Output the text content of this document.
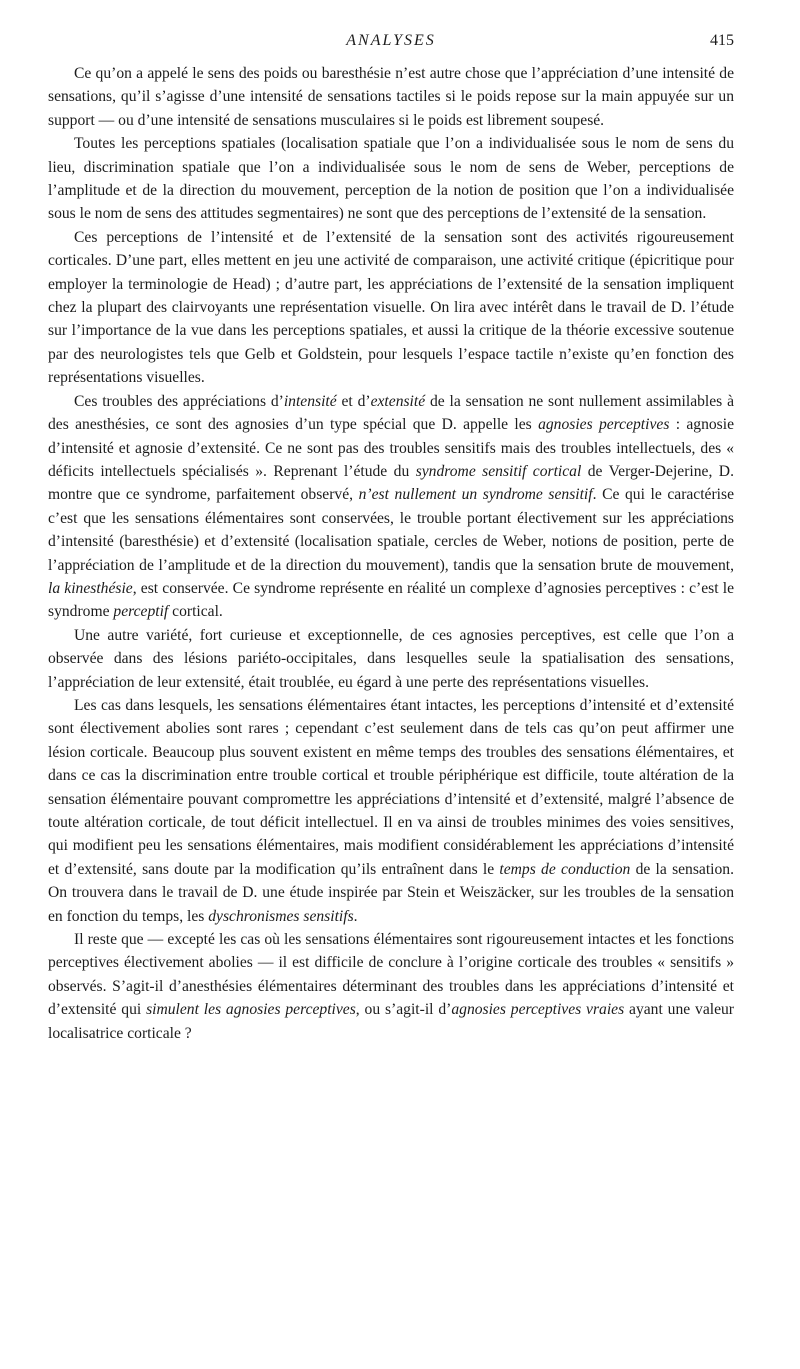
ANALYSES	415

Ce qu’on a appelé le sens des poids ou baresthésie n’est autre chose que l’appréciation d’une intensité de sensations, qu’il s’agisse d’une intensité de sensations tactiles si le poids repose sur la main appuyée sur un support — ou d’une intensité de sensations musculaires si le poids est librement soupesé.

Toutes les perceptions spatiales (localisation spatiale que l’on a individualisée sous le nom de sens du lieu, discrimination spatiale que l’on a individualisée sous le nom de sens de Weber, perceptions de l’amplitude et de la direction du mouvement, perception de la notion de position que l’on a individualisée sous le nom de sens des attitudes segmentaires) ne sont que des perceptions de l’extensité de la sensation.

Ces perceptions de l’intensité et de l’extensité de la sensation sont des activités rigoureusement corticales. D’une part, elles mettent en jeu une activité de comparaison, une activité critique (épicritique pour employer la terminologie de Head) ; d’autre part, les appréciations de l’extensité de la sensation impliquent chez la plupart des clairvoyants une représentation visuelle. On lira avec intérêt dans le travail de D. l’étude sur l’importance de la vue dans les perceptions spatiales, et aussi la critique de la théorie excessive soutenue par des neurologistes tels que Gelb et Goldstein, pour lesquels l’espace tactile n’existe qu’en fonction des représentations visuelles.

Ces troubles des appréciations d’intensité et d’extensité de la sensation ne sont nullement assimilables à des anesthésies, ce sont des agnosies d’un type spécial que D. appelle les agnosies perceptives : agnosie d’intensité et agnosie d’extensité. Ce ne sont pas des troubles sensitifs mais des troubles intellectuels, des « déficits intellectuels spécialisés ». Reprenant l’étude du syndrome sensitif cortical de Verger-Dejerine, D. montre que ce syndrome, parfaitement observé, n’est nullement un syndrome sensitif. Ce qui le caractérise c’est que les sensations élémentaires sont conservées, le trouble portant électivement sur les appréciations d’intensité (baresthésie) et d’extensité (localisation spatiale, cercles de Weber, notions de position, perte de l’appréciation de l’amplitude et de la direction du mouvement), tandis que la sensation brute de mouvement, la kinesthésie, est conservée. Ce syndrome représente en réalité un complexe d’agnosies perceptives : c’est le syndrome perceptif cortical.

Une autre variété, fort curieuse et exceptionnelle, de ces agnosies perceptives, est celle que l’on a observée dans des lésions pariéto-occipitales, dans lesquelles seule la spatialisation des sensations, l’appréciation de leur extensité, était troublée, eu égard à une perte des représentations visuelles.

Les cas dans lesquels, les sensations élémentaires étant intactes, les perceptions d’intensité et d’extensité sont électivement abolies sont rares ; cependant c’est seulement dans de tels cas qu’on peut affirmer une lésion corticale. Beaucoup plus souvent existent en même temps des troubles des sensations élémentaires, et dans ce cas la discrimination entre trouble cortical et trouble périphérique est difficile, toute altération de la sensation élémentaire pouvant compromettre les appréciations d’intensité et d’extensité, malgré l’absence de toute altération corticale, de tout déficit intellectuel. Il en va ainsi de troubles minimes des voies sensitives, qui modifient peu les sensations élémentaires, mais modifient considérablement les appréciations d’intensité et d’extensité, sans doute par la modification qu’ils entraînent dans le temps de conduction de la sensation. On trouvera dans le travail de D. une étude inspirée par Stein et Weiszäcker, sur les troubles de la sensation en fonction du temps, les dyschronismes sensitifs.

Il reste que — excepté les cas où les sensations élémentaires sont rigoureusement intactes et les fonctions perceptives électivement abolies — il est difficile de conclure à l’origine corticale des troubles « sensitifs » observés. S’agit-il d’anesthésies élémentaires déterminant des troubles dans les appréciations d’intensité et d’extensité qui simulent les agnosies perceptives, ou s’agit-il d’agnosies perceptives vraies ayant une valeur localisatrice corticale ?
